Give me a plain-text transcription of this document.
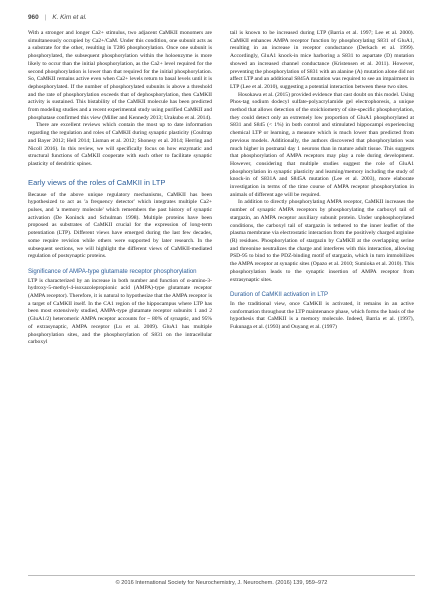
960 | K. Kim et al.

With a stronger and longer Ca2+ stimulus, two adjacent CaMKII monomers are simultaneously occupied by Ca2+/CaM. Under this condition, one subunit acts as a substrate for the other, resulting in T286 phosphorylation. Once one subunit is phosphorylated, the subsequent phosphorylation within the holoenzyme is more likely to occur than the initial phosphorylation, as the Ca2+ level required for the second phosphorylation is lower than that required for the initial phosphorylation. So, CaMKII remains active even when Ca2+ levels return to basal levels until it is dephosphorylated. If the number of phosphorylated subunits is above a threshold and the rate of phosphorylation exceeds that of dephosphorylation, then CaMKII activity is sustained. This bistability of the CaMKII molecule has been predicted from modeling studies and a recent experimental study using purified CaMKII and phosphatase confirmed this view (Miller and Kennedy 2013; Urakubo et al. 2014).

There are excellent reviews which contain the most up to date information regarding the regulation and roles of CaMKII during synaptic plasticity (Coultrap and Bayer 2012; Hell 2014; Lisman et al. 2012; Shonesy et al. 2014; Herring and Nicoll 2016). In this review, we will specifically focus on how enzymatic and structural functions of CaMKII cooperate with each other to facilitate synaptic plasticity of dendritic spines.

Early views of the roles of CaMKII in LTP

Because of the above unique regulatory mechanisms, CaMKII has been hypothesized to act as 'a frequency detector' which integrates multiple Ca2+ pulses, and 'a memory molecule' which remembers the past history of synaptic activation (De Koninck and Schulman 1998). Multiple proteins have been proposed as substrates of CaMKII crucial for the expression of long-term potentiation (LTP). Different views have emerged during the last few decades, some require revision while others were supported by later research. In the subsequent sections, we will highlight the different views of CaMKII-mediated regulation of postsynaptic proteins.

Significance of AMPA-type glutamate receptor phosphorylation

LTP is characterized by an increase in both number and function of α-amino-3-hydroxy-5-methyl-4-isoxazolepropionic acid (AMPA)-type glutamate receptor (AMPA receptor). Therefore, it is natural to hypothesize that the AMPA receptor is a target of CaMKII itself. In the CA1 region of the hippocampus where LTP has been most extensively studied, AMPA-type glutamate receptor subunits 1 and 2 (GluA1/2) heteromeric AMPA receptor accounts for ~ 80% of synaptic, and 95% of extrasynaptic, AMPA receptor (Lu et al. 2009). GluA1 has multiple phosphorylation sites, and the phosphorylation of S831 on the intracellular carboxyl

tail is known to be increased during LTP (Barria et al. 1997; Lee et al. 2000). CaMKII enhances AMPA receptor function by phosphorylating S831 of GluA1, resulting in an increase in receptor conductance (Derkach et al. 1999). Accordingly, GluA1 knock-in mice harboring a S831 to aspartate (D) mutation showed an increased channel conductance (Kristensen et al. 2011). However, preventing the phosphorylation of S831 with an alanine (A) mutation alone did not affect LTP and an additional S845A mutation was required to see an impairment in LTP (Lee et al. 2010), suggesting a potential interaction between these two sites.

Hosokawa et al. (2015) provided evidence that cast doubt on this model. Using Phos-tag sodium dodecyl sulfate-polyacrylamide gel electrophoresis, a unique method that allows detection of the stoichiometry of site-specific phosphorylation, they could detect only an extremely low proportion of GluA1 phosphorylated at S831 and S845 (< 1%) in both control and stimulated hippocampi experiencing chemical LTP or learning, a measure which is much lower than predicted from previous models. Additionally, the authors discovered that phosphorylation was much higher in postnatal day 1 neurons than in mature adult tissue. This suggests that phosphorylation of AMPA receptors may play a role during development. However, considering that multiple studies suggest the role of GluA1 phosphorylation in synaptic plasticity and learning/memory including the study of knock-in of S831A and S845A mutation (Lee et al. 2003), more elaborate investigation in terms of the time course of AMPA receptor phosphorylation in animals of different age will be required.

In addition to directly phosphorylating AMPA receptor, CaMKII increases the number of synaptic AMPA receptors by phosphorylating the carboxyl tail of stargazin, an AMPA receptor auxiliary subunit protein. Under unphosphorylated conditions, the carboxyl tail of stargazin is tethered to the inner leaflet of the plasma membrane via electrostatic interaction from the positively charged arginine (R) residues. Phosphorylation of stargazin by CaMKII at the overlapping serine and threonine neutralizes the charge and interferes with this interaction, allowing PSD-95 to bind to the PDZ-binding motif of stargazin, which in turn immobilizes the AMPA receptor at synaptic sites (Opazo et al. 2010; Sumioka et al. 2010). This phosphorylation leads to the synaptic insertion of AMPA receptor from extrasynaptic sites.

Duration of CaMKII activation in LTP

In the traditional view, once CaMKII is activated, it remains in an active conformation throughout the LTP maintenance phase, which forms the basis of the hypothesis that CaMKII is a memory molecule. Indeed, Barria et al. (1997), Fukunaga et al. (1993) and Ouyang et al. (1997)

© 2016 International Society for Neurochemistry, J. Neurochem. (2016) 139, 959–972
